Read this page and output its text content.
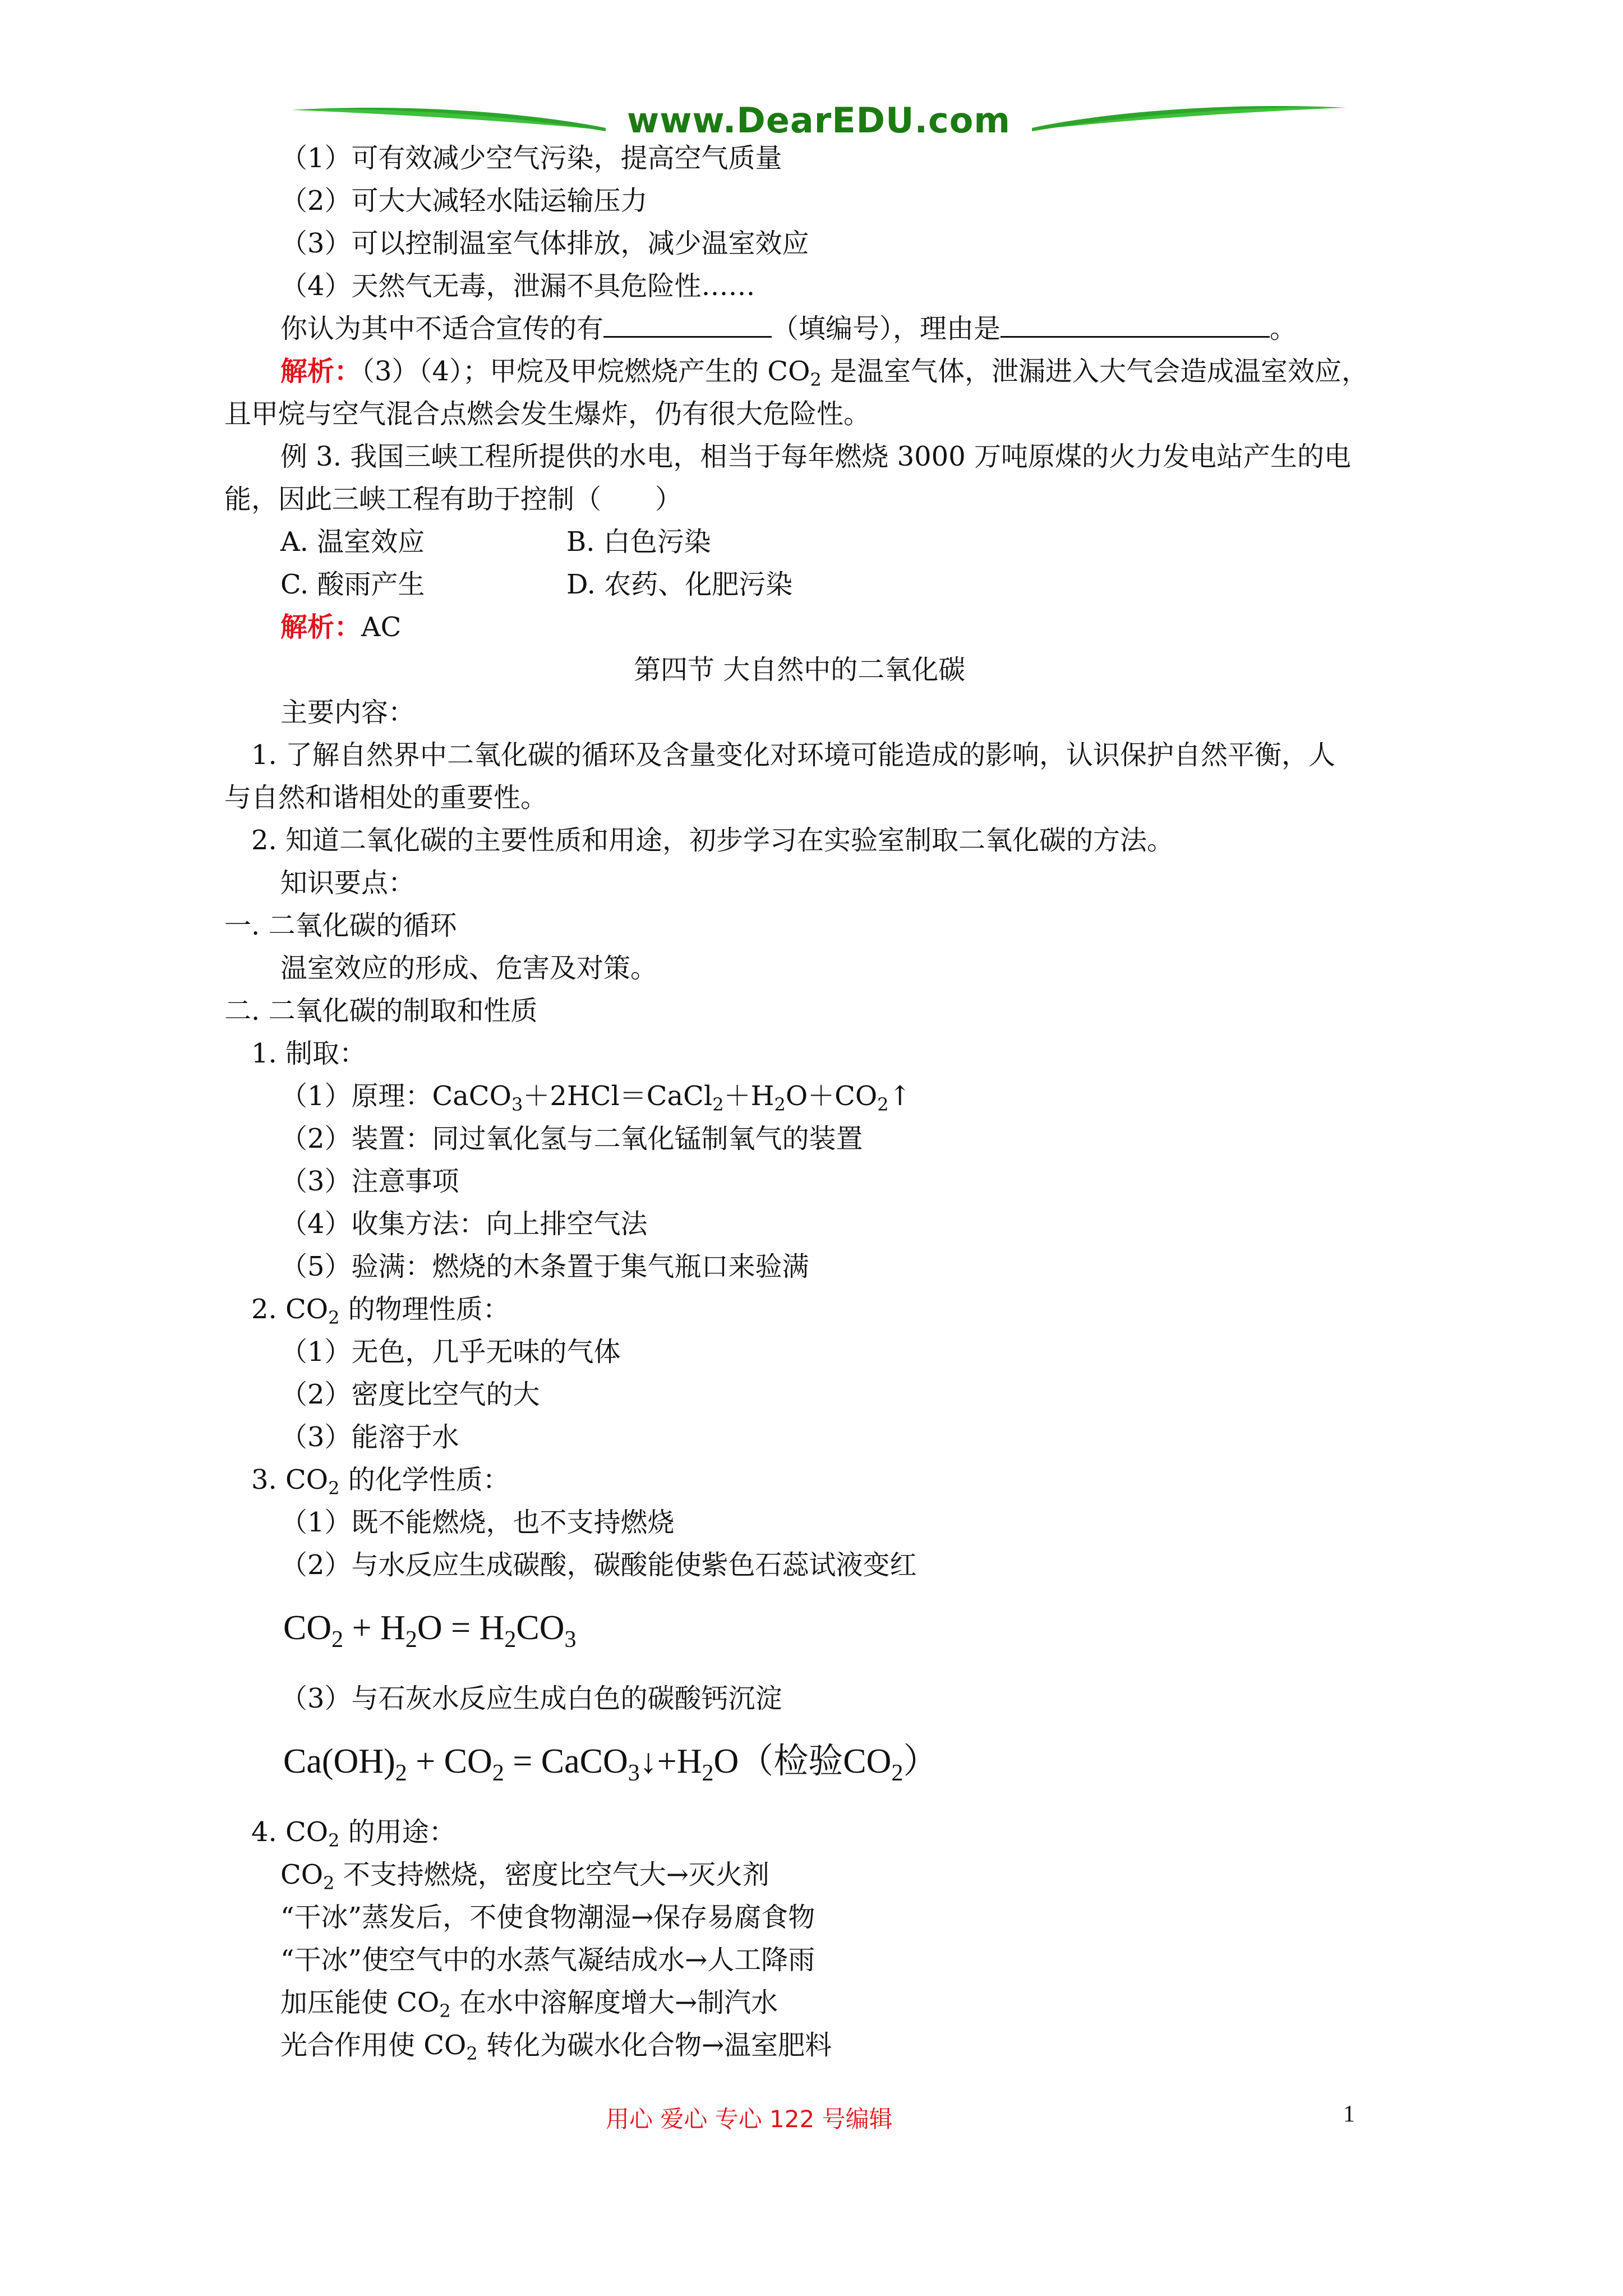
www.DearEDU.com
（1）可有效减少空气污染，提高空气质量
（2）可大大减轻水陆运输压力
（3）可以控制温室气体排放，减少温室效应
（4）天然气无毒，泄漏不具危险性……
你认为其中不适合宣传的有	（填编号），理由是	。
解析：（3）（4）；甲烷及甲烷燃烧产生的 $CO_2$ 是温室气体，泄漏进入大气会造成温室效应，
且甲烷与空气混合点燃会发生爆炸，仍有很大危险性。
例 3. 我国三峡工程所提供的水电，相当于每年燃烧 3000 万吨原煤的火力发电站产生的电
能，因此三峡工程有助于控制（　　）
A. 温室效应	B. 白色污染
C. 酸雨产生	D. 农药、化肥污染
解析：AC
第四节 大自然中的二氧化碳
主要内容：
1. 了解自然界中二氧化碳的循环及含量变化对环境可能造成的影响，认识保护自然平衡，人
与自然和谐相处的重要性。
2. 知道二氧化碳的主要性质和用途，初步学习在实验室制取二氧化碳的方法。
知识要点：
一. 二氧化碳的循环
温室效应的形成、危害及对策。
二. 二氧化碳的制取和性质
1. 制取：
（1）原理：$CaCO_3+2HCl=CaCl_2+H_2O+CO_2↑$
（2）装置：同过氧化氢与二氧化锰制氧气的装置
（3）注意事项
（4）收集方法：向上排空气法
（5）验满：燃烧的木条置于集气瓶口来验满
2. $CO_2$ 的物理性质：
（1）无色，几乎无味的气体
（2）密度比空气的大
（3）能溶于水
3. $CO_2$ 的化学性质：
（1）既不能燃烧，也不支持燃烧
（2）与水反应生成碳酸，碳酸能使紫色石蕊试液变红
$CO_2 + H_2O = H_2CO_3$
（3）与石灰水反应生成白色的碳酸钙沉淀
$Ca(OH)_2 + CO_2$ = $CaCO_3↓+H_2O$（检验$CO_2$）
4. $CO_2$ 的用途：
$CO_2$ 不支持燃烧，密度比空气大→灭火剂
“干冰”蒸发后，不使食物潮湿→保存易腐食物
“干冰”使空气中的水蒸气凝结成水→人工降雨
加压能使 $CO_2$ 在水中溶解度增大→制汽水
光合作用使 $CO_2$ 转化为碳水化合物→温室肥料
用心 爱心 专心 122 号编辑	1
